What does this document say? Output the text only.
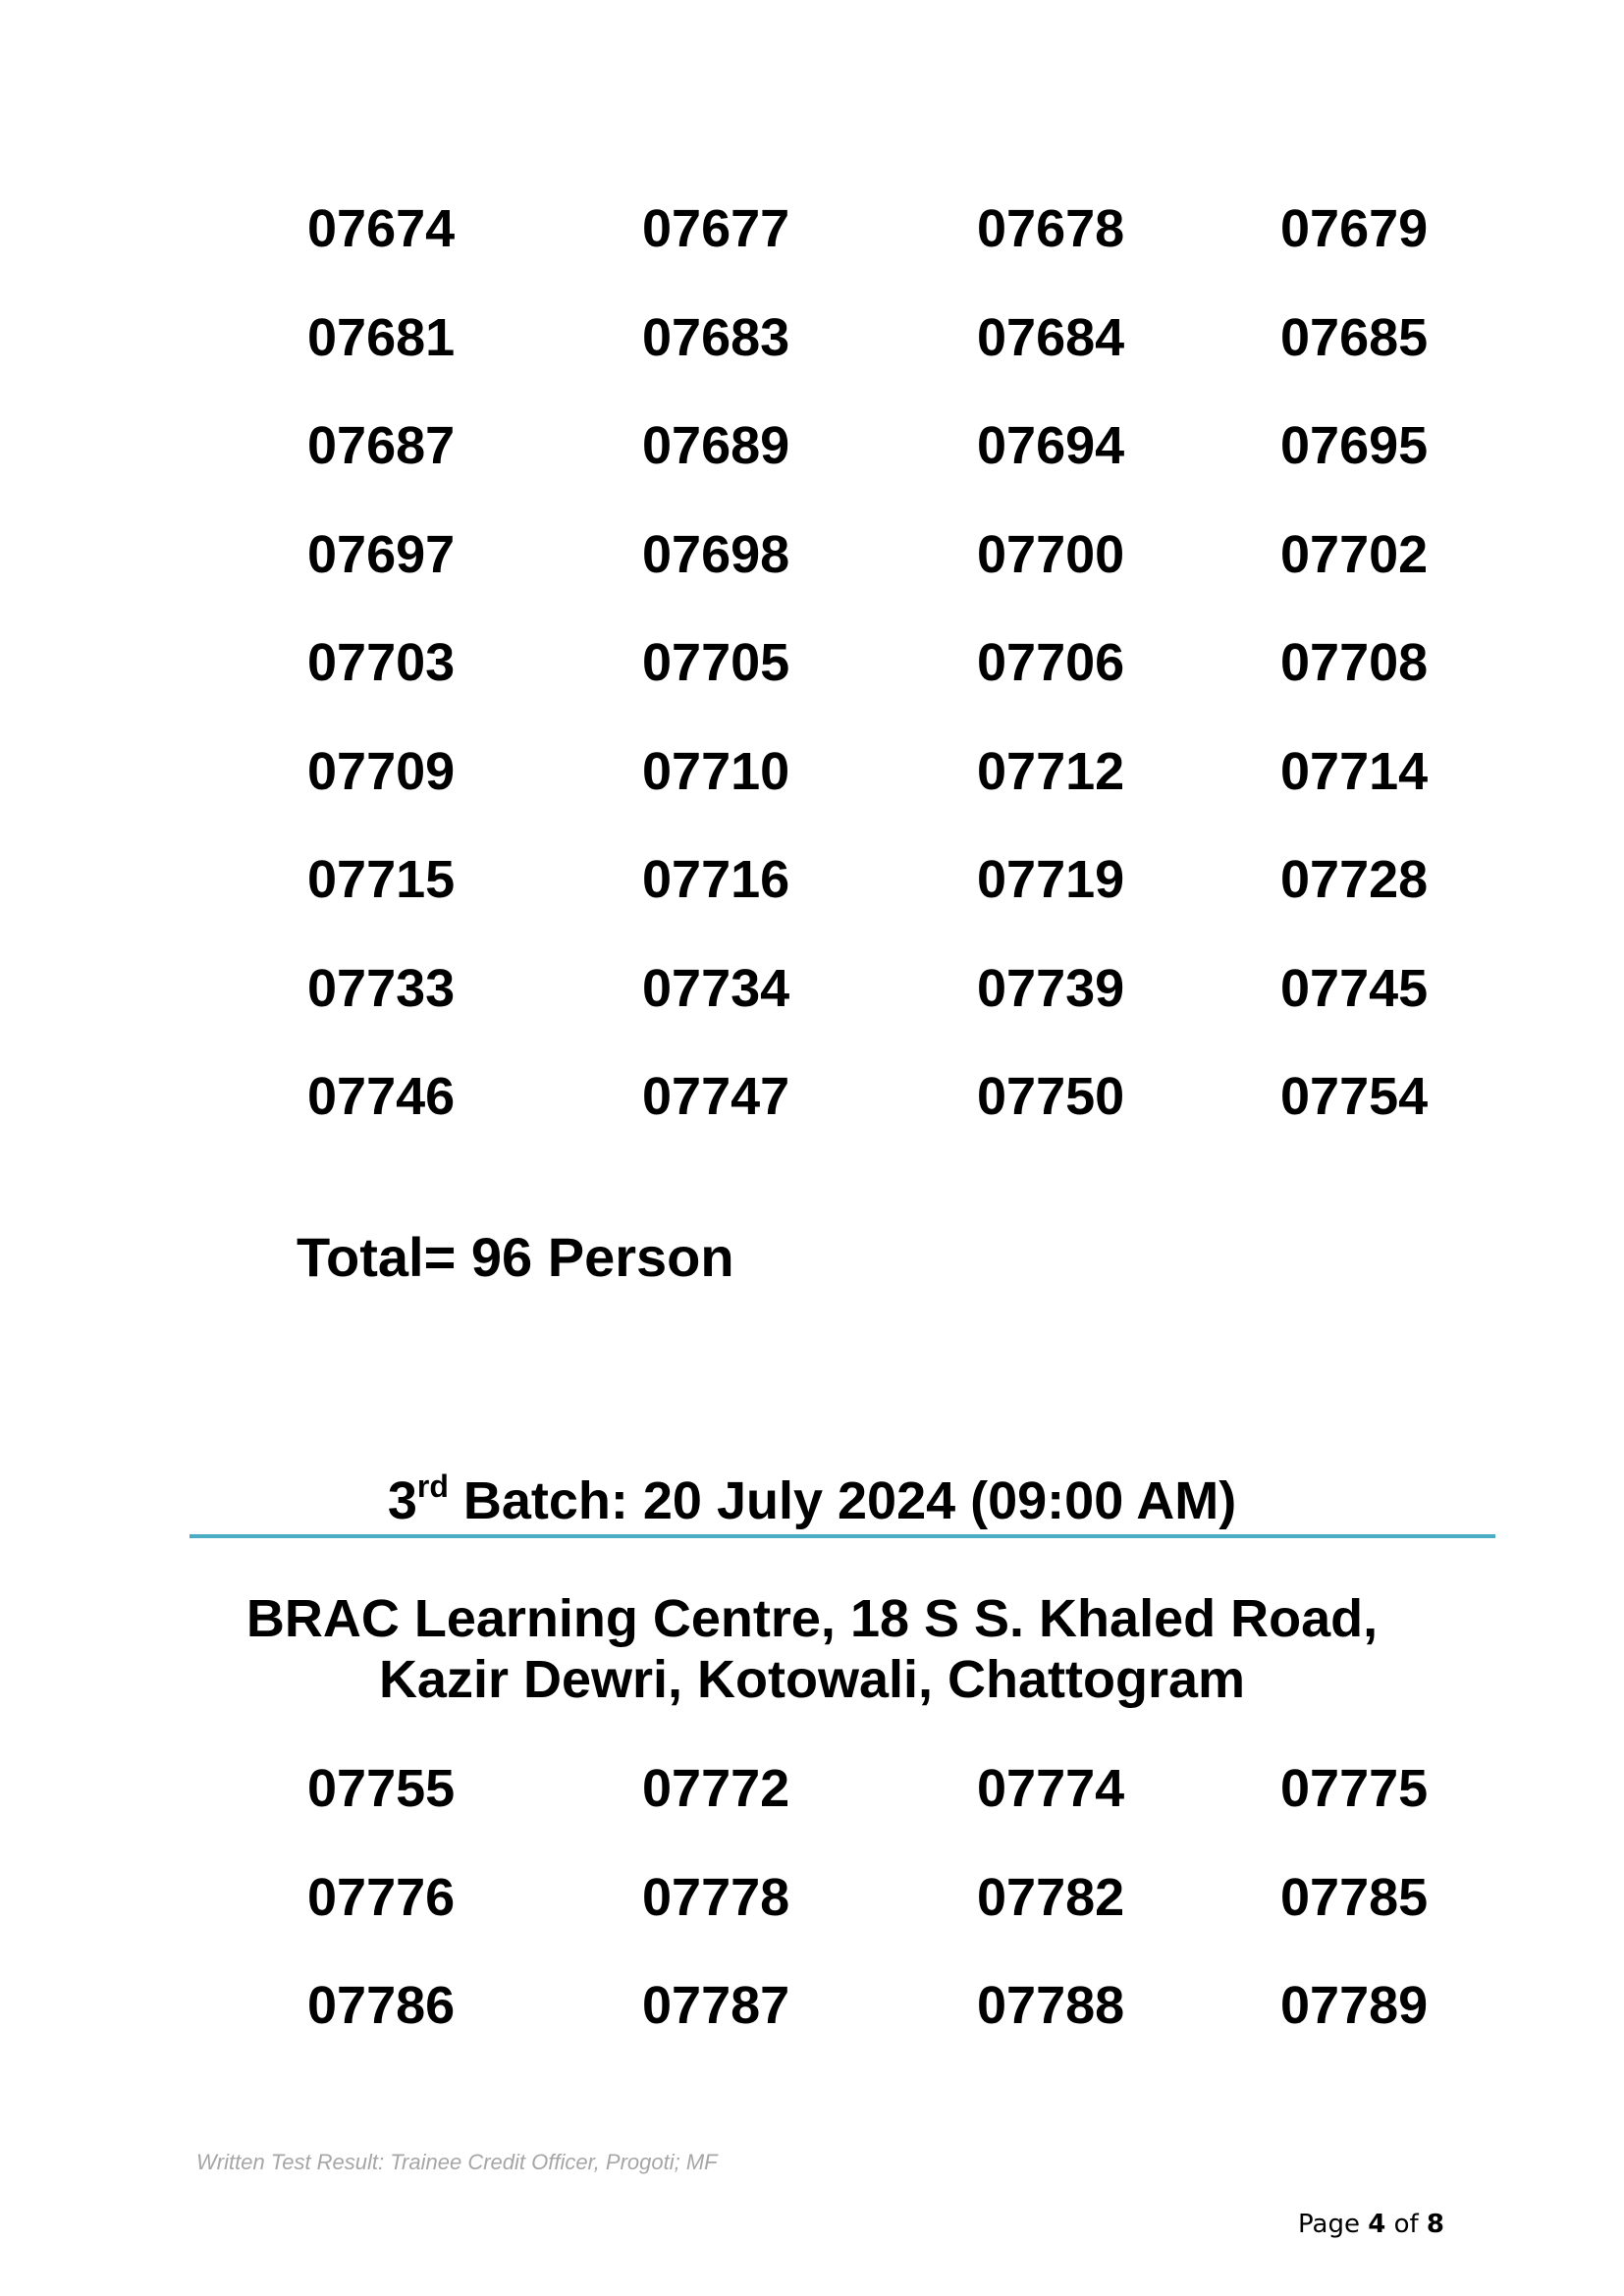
07674	07677	07678	07679
07681	07683	07684	07685
07687	07689	07694	07695
07697	07698	07700	07702
07703	07705	07706	07708
07709	07710	07712	07714
07715	07716	07719	07728
07733	07734	07739	07745
07746	07747	07750	07754
Total= 96 Person
3rd Batch: 20 July 2024 (09:00 AM)
BRAC Learning Centre, 18 S S. Khaled Road,
Kazir Dewri, Kotowali, Chattogram
07755	07772	07774	07775
07776	07778	07782	07785
07786	07787	07788	07789
Written Test Result: Trainee Credit Officer, Progoti; MF
Page 4 of 8
